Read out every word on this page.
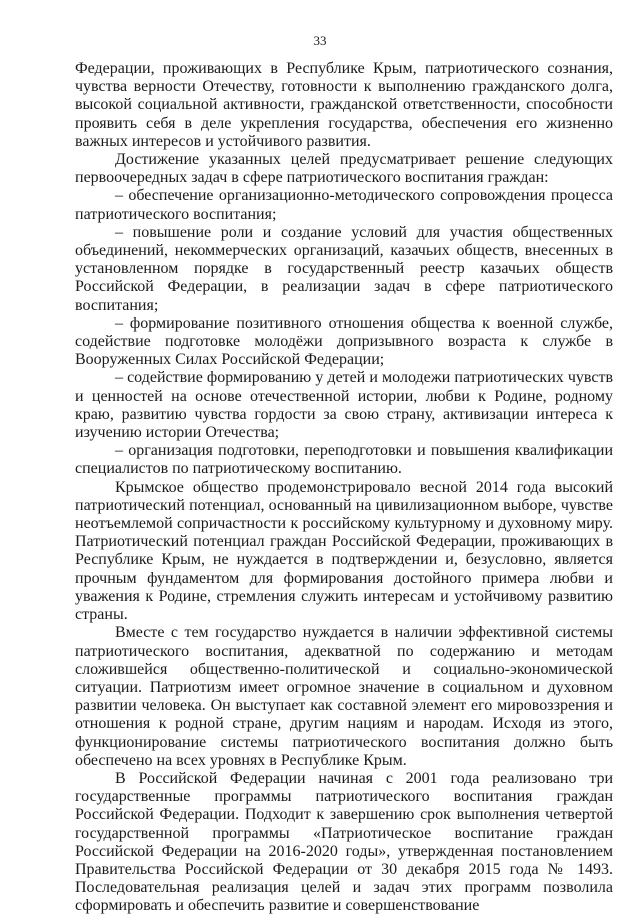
33

Федерации, проживающих в Республике Крым, патриотического сознания, чувства верности Отечеству, готовности к выполнению гражданского долга, высокой социальной активности, гражданской ответственности, способности проявить себя в деле укрепления государства, обеспечения его жизненно важных интересов и устойчивого развития.

Достижение указанных целей предусматривает решение следующих первоочередных задач в сфере патриотического воспитания граждан:

– обеспечение организационно-методического сопровождения процесса патриотического воспитания;

– повышение роли и создание условий для участия общественных объединений, некоммерческих организаций, казачьих обществ, внесенных в установленном порядке в государственный реестр казачьих обществ Российской Федерации, в реализации задач в сфере патриотического воспитания;

– формирование позитивного отношения общества к военной службе, содействие подготовке молодёжи допризывного возраста к службе в Вооруженных Силах Российской Федерации;

– содействие формированию у детей и молодежи патриотических чувств и ценностей на основе отечественной истории, любви к Родине, родному краю, развитию чувства гордости за свою страну, активизации интереса к изучению истории Отечества;

– организация подготовки, переподготовки и повышения квалификации специалистов по патриотическому воспитанию.

Крымское общество продемонстрировало весной 2014 года высокий патриотический потенциал, основанный на цивилизационном выборе, чувстве неотъемлемой сопричастности к российскому культурному и духовному миру. Патриотический потенциал граждан Российской Федерации, проживающих в Республике Крым, не нуждается в подтверждении и, безусловно, является прочным фундаментом для формирования достойного примера любви и уважения к Родине, стремления служить интересам и устойчивому развитию страны.

Вместе с тем государство нуждается в наличии эффективной системы патриотического воспитания, адекватной по содержанию и методам сложившейся общественно-политической и социально-экономической ситуации. Патриотизм имеет огромное значение в социальном и духовном развитии человека. Он выступает как составной элемент его мировоззрения и отношения к родной стране, другим нациям и народам. Исходя из этого, функционирование системы патриотического воспитания должно быть обеспечено на всех уровнях в Республике Крым.

В Российской Федерации начиная с 2001 года реализовано три государственные программы патриотического воспитания граждан Российской Федерации. Подходит к завершению срок выполнения четвертой государственной программы «Патриотическое воспитание граждан Российской Федерации на 2016-2020 годы», утвержденная постановлением Правительства Российской Федерации от 30 декабря 2015 года № 1493. Последовательная реализация целей и задач этих программ позволила сформировать и обеспечить развитие и совершенствование
